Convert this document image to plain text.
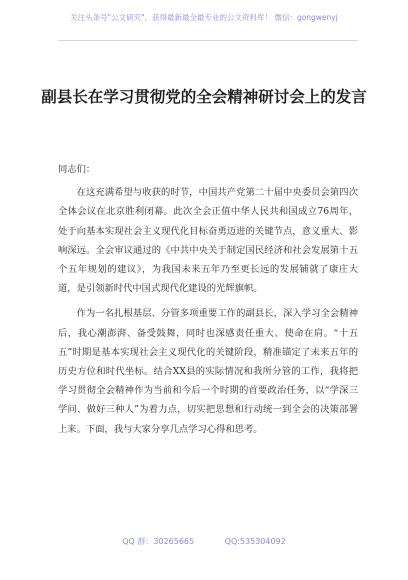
关注头条号"公文研究"，获得最新最全最专业的公文资料库！ 微信：gongwenyj
副县长在学习贯彻党的全会精神研讨会上的发言

同志们：

在这充满希望与收获的时节，中国共产党第二十届中央委员会第四次全体会议在北京胜利闭幕。此次全会正值中华人民共和国成立76周年，处于向基本实现社会主义现代化目标奋勇迈进的关键节点，意义重大、影响深远。全会审议通过的《中共中央关于制定国民经济和社会发展第十五个五年规划的建议》，为我国未来五年乃至更长远的发展铺就了康庄大道，是引领新时代中国式现代化建设的光辉旗帜。

作为一名扎根基层、分管多项重要工作的副县长，深入学习全会精神后，我心潮澎湃、备受鼓舞，同时也深感责任重大、使命在肩。“十五五”时期是基本实现社会主义现代化的关键阶段，精准锚定了未来五年的历史方位和时代坐标。结合XX县的实际情况和我所分管的工作，我将把学习贯彻全会精神作为当前和今后一个时期的首要政治任务，以“学深三学问、做好三种人”为着力点，切实把思想和行动统一到全会的决策部署上来。下面，我与大家分享几点学习心得和思考。

QQ 群：30265665	QQ:535304092
